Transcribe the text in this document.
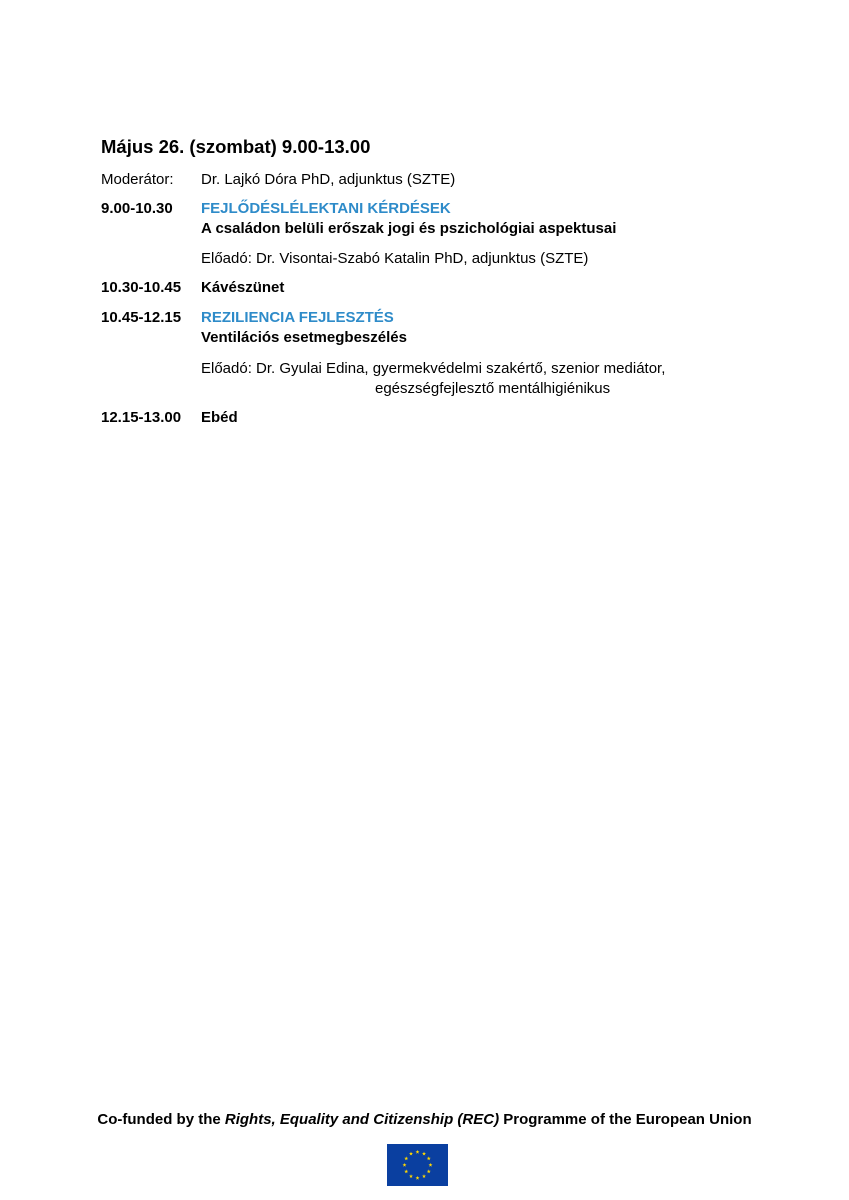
Május 26. (szombat) 9.00-13.00
Moderátor: Dr. Lajkó Dóra PhD, adjunktus (SZTE)
9.00-10.30 FEJLŐDÉSLÉLEKTANI KÉRDÉSEK
A családon belüli erőszak jogi és pszichológiai aspektusai
Előadó: Dr. Visontai-Szabó Katalin PhD, adjunktus (SZTE)
10.30-10.45 Kávészünet
10.45-12.15 REZILIENCIA FEJLESZTÉS
Ventilációs esetmegbeszélés
Előadó: Dr. Gyulai Edina, gyermekvédelmi szakértő, szenior mediátor,
egészségfejlesztő mentálhigiénikus
12.15-13.00 Ebéd
Co-funded by the Rights, Equality and Citizenship (REC) Programme of the European Union
